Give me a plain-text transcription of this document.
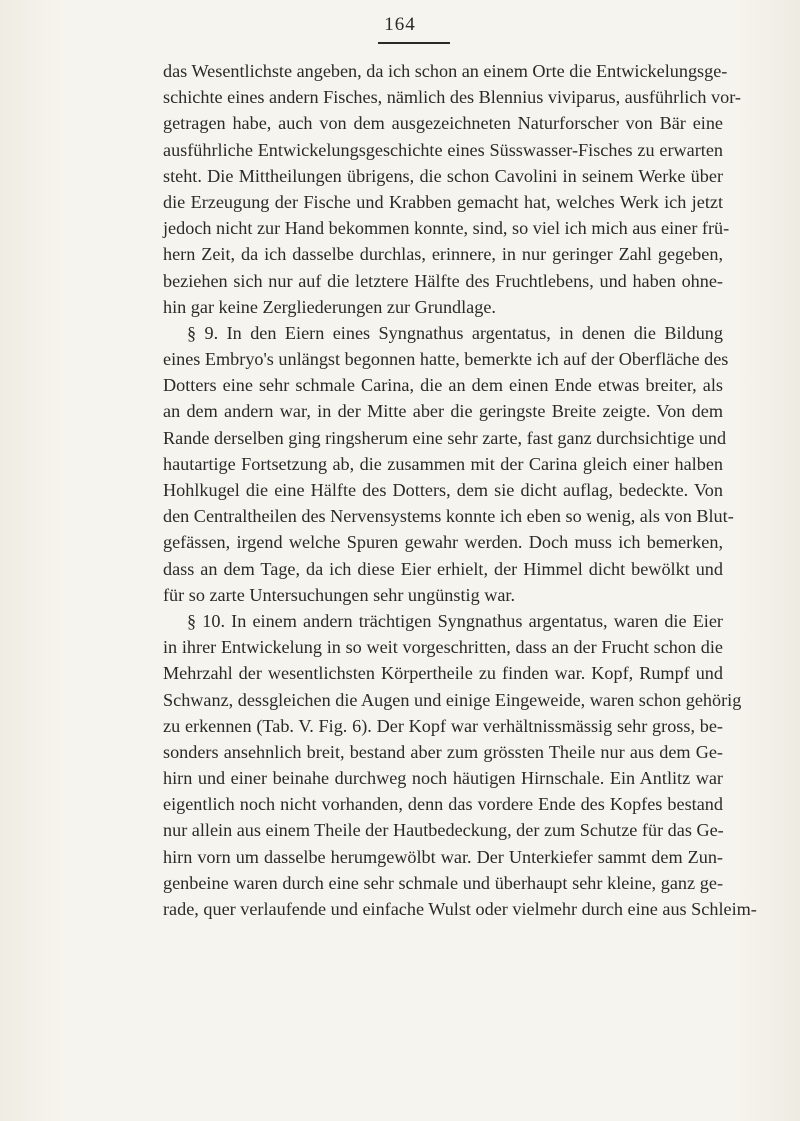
164
das Wesentlichste angeben, da ich schon an einem Orte die Entwickelungsge-
schichte eines andern Fisches, nämlich des Blennius viviparus, ausführlich vor-
getragen habe, auch von dem ausgezeichneten Naturforscher von Bär eine
ausführliche Entwickelungsgeschichte eines Süsswasser-Fisches zu erwarten
steht. Die Mittheilungen übrigens, die schon Cavolini in seinem Werke über
die Erzeugung der Fische und Krabben gemacht hat, welches Werk ich jetzt
jedoch nicht zur Hand bekommen konnte, sind, so viel ich mich aus einer frü-
hern Zeit, da ich dasselbe durchlas, erinnere, in nur geringer Zahl gegeben,
beziehen sich nur auf die letztere Hälfte des Fruchtlebens, und haben ohne-
hin gar keine Zergliederungen zur Grundlage.
§ 9. In den Eiern eines Syngnathus argentatus, in denen die Bildung
eines Embryo's unlängst begonnen hatte, bemerkte ich auf der Oberfläche des
Dotters eine sehr schmale Carina, die an dem einen Ende etwas breiter, als
an dem andern war, in der Mitte aber die geringste Breite zeigte. Von dem
Rande derselben ging ringsherum eine sehr zarte, fast ganz durchsichtige und
hautartige Fortsetzung ab, die zusammen mit der Carina gleich einer halben
Hohlkugel die eine Hälfte des Dotters, dem sie dicht auflag, bedeckte. Von
den Centraltheilen des Nervensystems konnte ich eben so wenig, als von Blut-
gefässen, irgend welche Spuren gewahr werden. Doch muss ich bemerken,
dass an dem Tage, da ich diese Eier erhielt, der Himmel dicht bewölkt und
für so zarte Untersuchungen sehr ungünstig war.
§ 10. In einem andern trächtigen Syngnathus argentatus, waren die Eier
in ihrer Entwickelung in so weit vorgeschritten, dass an der Frucht schon die
Mehrzahl der wesentlichsten Körpertheile zu finden war. Kopf, Rumpf und
Schwanz, dessgleichen die Augen und einige Eingeweide, waren schon gehörig
zu erkennen (Tab. V. Fig. 6). Der Kopf war verhältnissmässig sehr gross, be-
sonders ansehnlich breit, bestand aber zum grössten Theile nur aus dem Ge-
hirn und einer beinahe durchweg noch häutigen Hirnschale. Ein Antlitz war
eigentlich noch nicht vorhanden, denn das vordere Ende des Kopfes bestand
nur allein aus einem Theile der Hautbedeckung, der zum Schutze für das Ge-
hirn vorn um dasselbe herumgewölbt war. Der Unterkiefer sammt dem Zun-
genbeine waren durch eine sehr schmale und überhaupt sehr kleine, ganz ge-
rade, quer verlaufende und einfache Wulst oder vielmehr durch eine aus Schleim-
